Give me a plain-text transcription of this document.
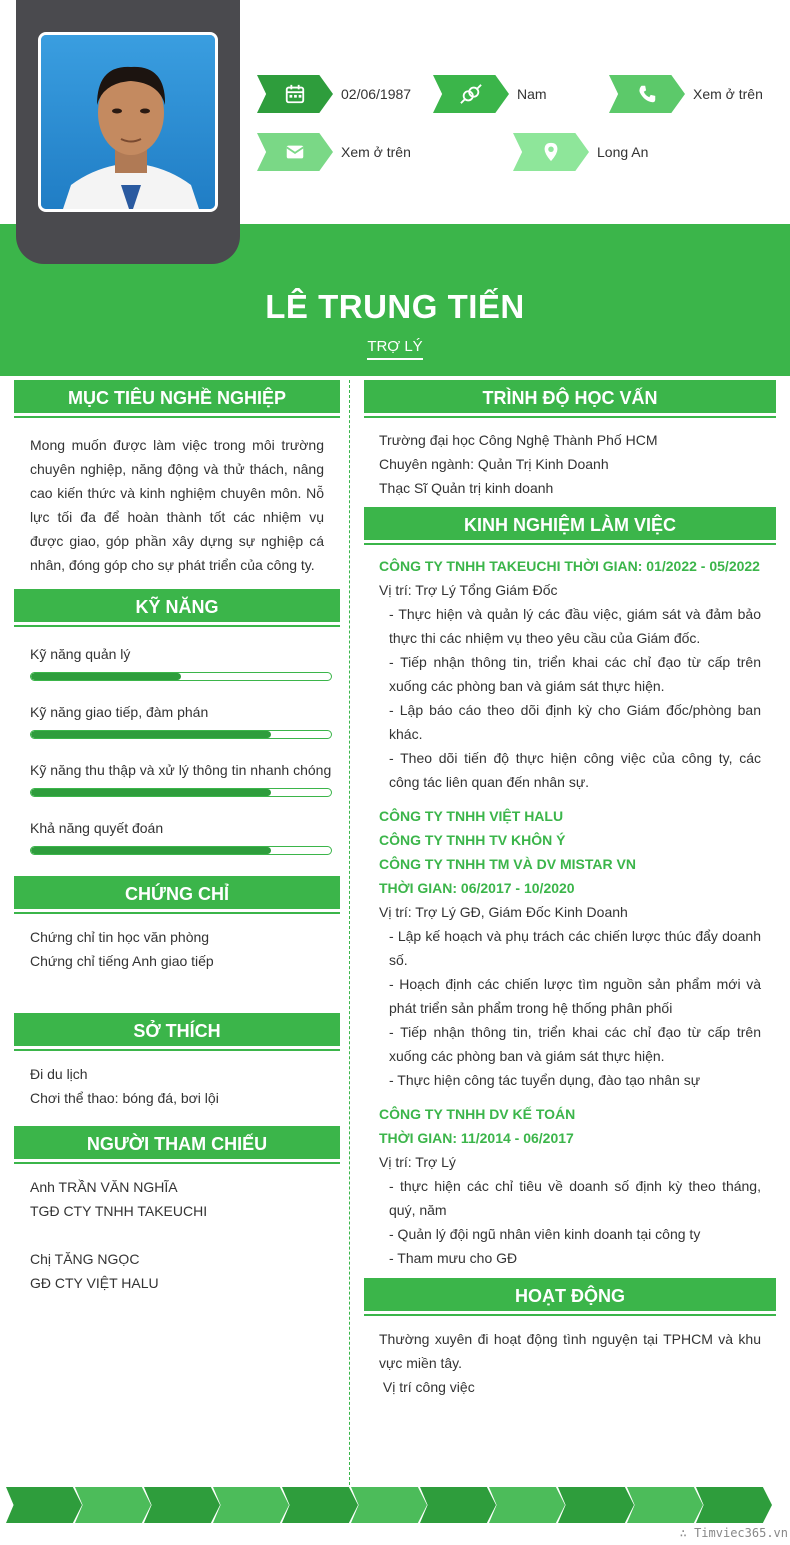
LÊ TRUNG TIẾN
TRỢ LÝ
02/06/1987	Nam	Xem ở trên
Xem ở trên	Long An
MỤC TIÊU NGHỀ NGHIỆP
Mong muốn được làm việc trong môi trường chuyên nghiệp, năng động và thử thách, nâng cao kiến thức và kinh nghiệm chuyên môn. Nỗ lực tối đa để hoàn thành tốt các nhiệm vụ được giao, góp phần xây dựng sự nghiệp cá nhân, đóng góp cho sự phát triển của công ty.
KỸ NĂNG
Kỹ năng quản lý
Kỹ năng giao tiếp, đàm phán
Kỹ năng thu thập và xử lý thông tin nhanh chóng
Khả năng quyết đoán
CHỨNG CHỈ
Chứng chỉ tin học văn phòng
Chứng chỉ tiếng Anh giao tiếp
SỞ THÍCH
Đi du lịch
Chơi thể thao: bóng đá, bơi lội
NGƯỜI THAM CHIẾU
Anh TRẦN VĂN NGHĨA
TGĐ CTY TNHH TAKEUCHI
Chị TĂNG NGỌC
GĐ CTY VIỆT HALU
TRÌNH ĐỘ HỌC VẤN
Trường đại học Công Nghệ Thành Phố HCM
Chuyên ngành: Quản Trị Kinh Doanh
Thạc Sĩ Quản trị kinh doanh
KINH NGHIỆM LÀM VIỆC
CÔNG TY TNHH TAKEUCHI THỜI GIAN: 01/2022 - 05/2022
Vị trí: Trợ Lý Tổng Giám Đốc
- Thực hiện và quản lý các đầu việc, giám sát và đảm bảo thực thi các nhiệm vụ theo yêu cầu của Giám đốc.
- Tiếp nhận thông tin, triển khai các chỉ đạo từ cấp trên xuống các phòng ban và giám sát thực hiện.
- Lập báo cáo theo dõi định kỳ cho Giám đốc/phòng ban khác.
- Theo dõi tiến độ thực hiện công việc của công ty, các công tác liên quan đến nhân sự.
CÔNG TY TNHH VIỆT HALU
CÔNG TY TNHH TV KHÔN Ý
CÔNG TY TNHH TM VÀ DV MISTAR VN
THỜI GIAN: 06/2017 - 10/2020
Vị trí: Trợ Lý GĐ, Giám Đốc Kinh Doanh
- Lập kế hoạch và phụ trách các chiến lược thúc đẩy doanh số.
- Hoạch định các chiến lược tìm nguồn sản phẩm mới và phát triển sản phẩm trong hệ thống phân phối
- Tiếp nhận thông tin, triển khai các chỉ đạo từ cấp trên xuống các phòng ban và giám sát thực hiện.
- Thực hiện công tác tuyển dụng, đào tạo nhân sự
CÔNG TY TNHH DV KẾ TOÁN
THỜI GIAN: 11/2014 - 06/2017
Vị trí: Trợ Lý
- thực hiện các chỉ tiêu về doanh số định kỳ theo tháng, quý, năm
- Quản lý đội ngũ nhân viên kinh doanh tại công ty
- Tham mưu cho GĐ
HOẠT ĐỘNG
Thường xuyên đi hoạt động tình nguyện tại TPHCM và khu vực miền tây.
Vị trí công việc
∴ Timviec365.vn
